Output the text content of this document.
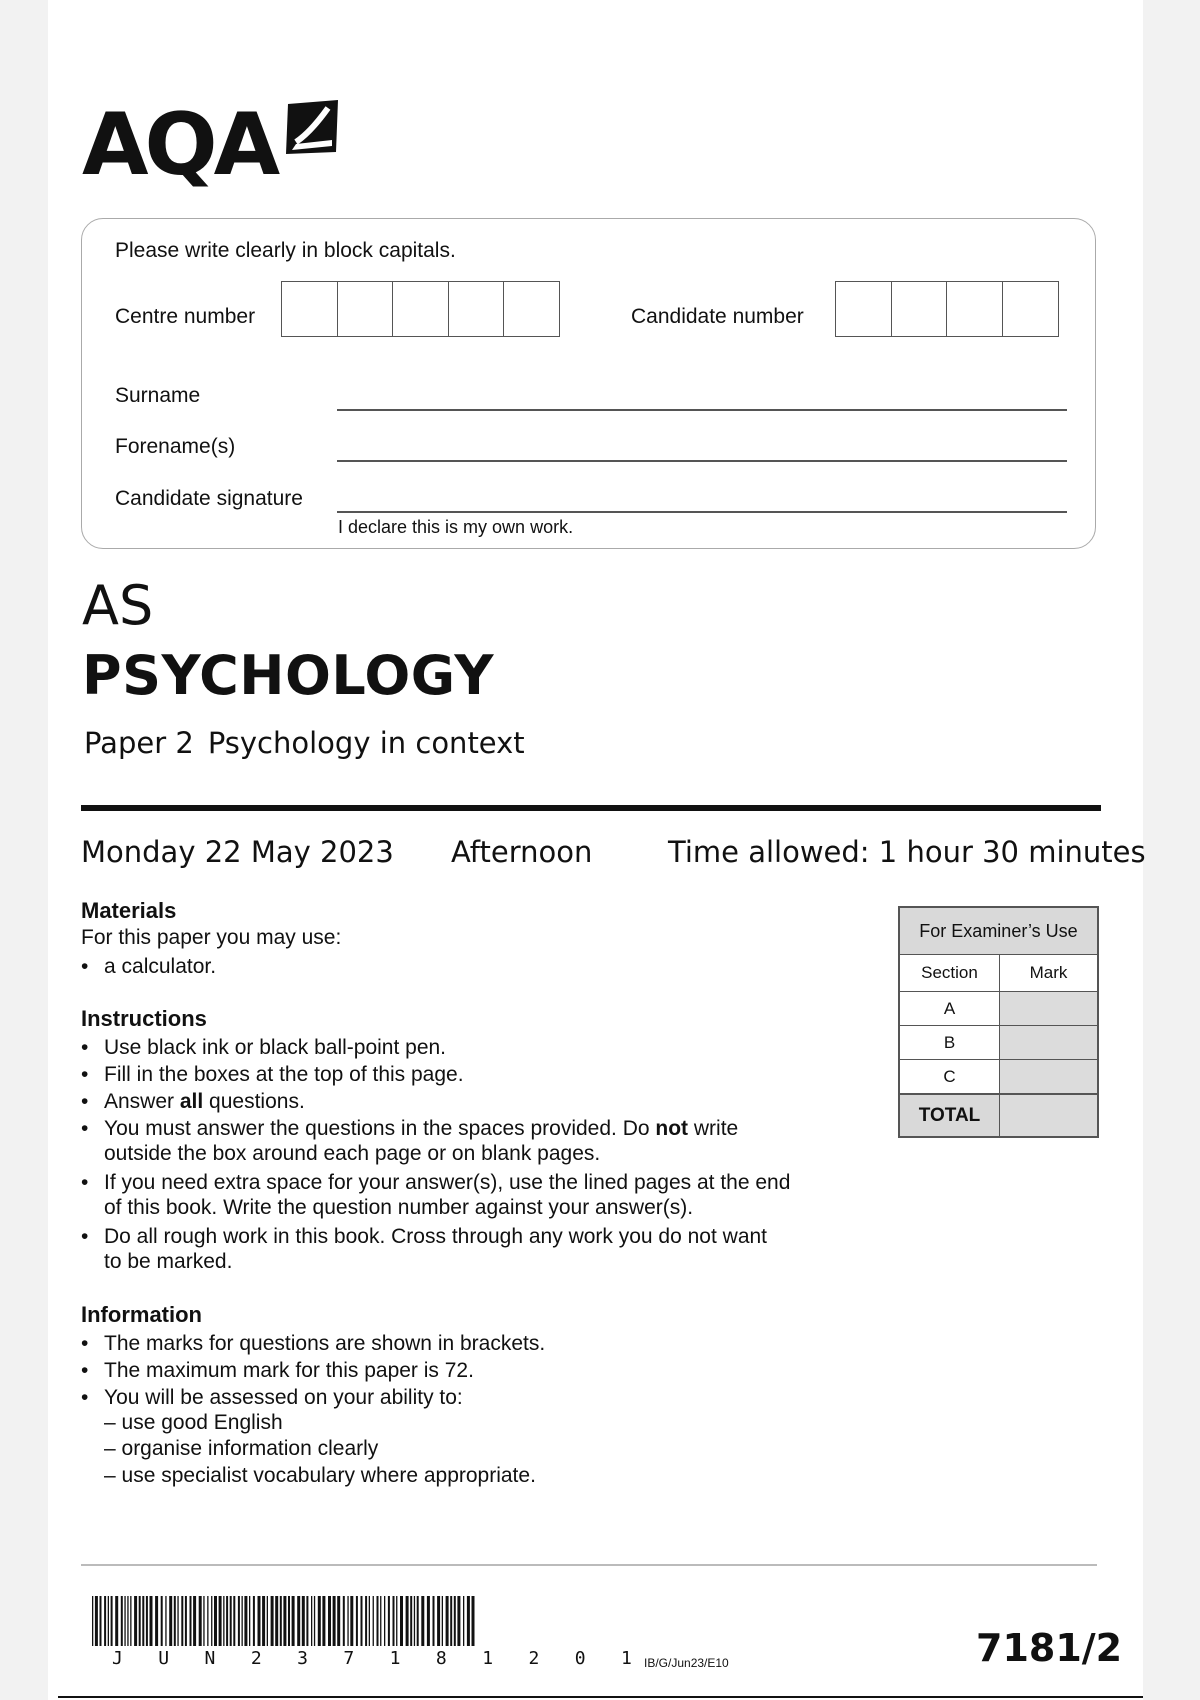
AQA
Please write clearly in block capitals.
Centre number	Candidate number
Surname
Forename(s)
Candidate signature
I declare this is my own work.
AS
PSYCHOLOGY
Paper 2 Psychology in context
Monday 22 May 2023 Afternoon	Time allowed: 1 hour 30 minutes
Materials
For this paper you may use:
• a calculator.
Instructions
• Use black ink or black ball-point pen.
• Fill in the boxes at the top of this page.
• Answer all questions.
• You must answer the questions in the spaces provided. Do not write
outside the box around each page or on blank pages.
• If you need extra space for your answer(s), use the lined pages at the end
of this book. Write the question number against your answer(s).
• Do all rough work in this book. Cross through any work you do not want
to be marked.
Information
• The marks for questions are shown in brackets.
• The maximum mark for this paper is 72.
• You will be assessed on your ability to:
– use good English
– organise information clearly
– use specialist vocabulary where appropriate.
For Examiner’s Use
Section	Mark
A
B
C
TOTAL
J U N 2 3 7 1 8 1 2 0 1 IB/G/Jun23/E10	7181/2
